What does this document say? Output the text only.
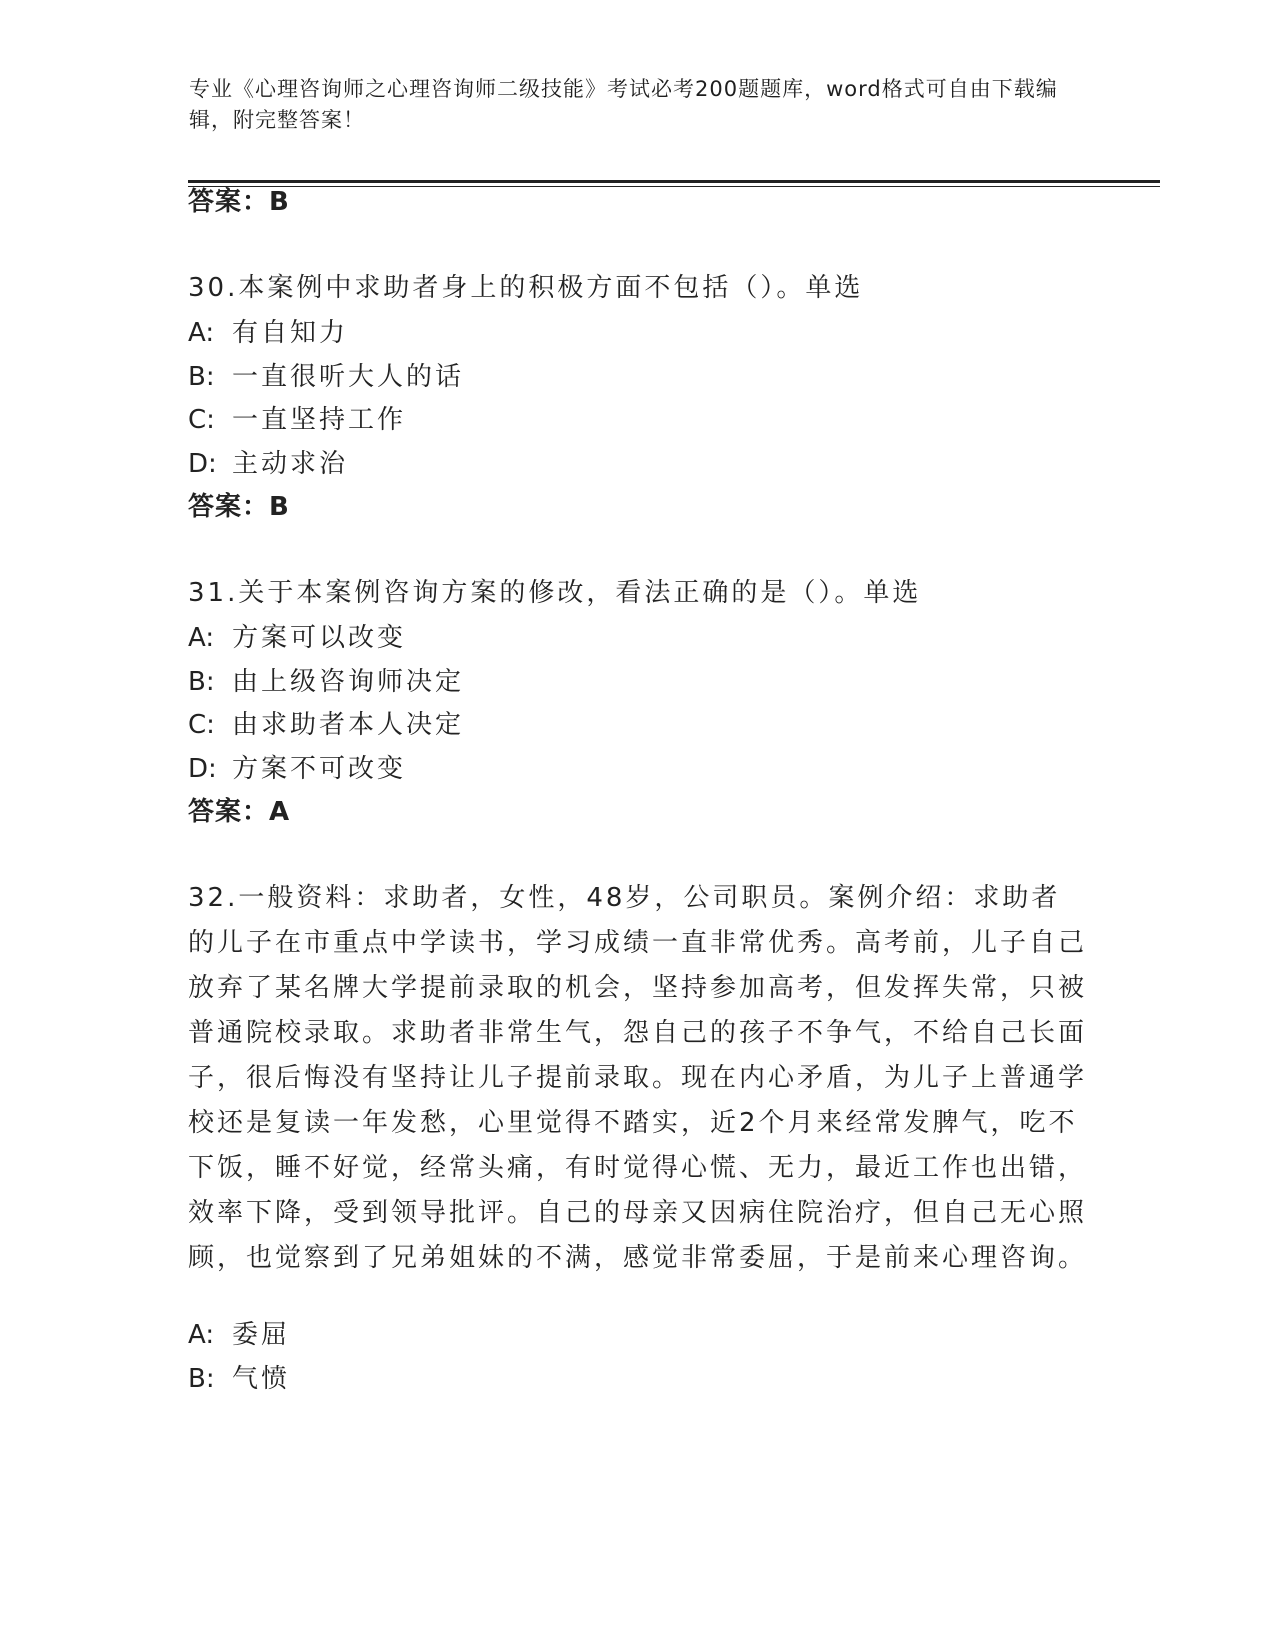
专业《心理咨询师之心理咨询师二级技能》考试必考200题题库，word格式可自由下载编辑，附完整答案！
答案：B
30.本案例中求助者身上的积极方面不包括（）。单选
A: 有自知力
B: 一直很听大人的话
C: 一直坚持工作
D: 主动求治
答案：B
31.关于本案例咨询方案的修改，看法正确的是（）。单选
A: 方案可以改变
B: 由上级咨询师决定
C: 由求助者本人决定
D: 方案不可改变
答案：A
32.一般资料：求助者，女性，48岁，公司职员。案例介绍：求助者的儿子在市重点中学读书，学习成绩一直非常优秀。高考前，儿子自己放弃了某名牌大学提前录取的机会，坚持参加高考，但发挥失常，只被普通院校录取。求助者非常生气，怨自己的孩子不争气，不给自己长面子，很后悔没有坚持让儿子提前录取。现在内心矛盾，为儿子上普通学校还是复读一年发愁，心里觉得不踏实，近2个月来经常发脾气，吃不下饭，睡不好觉，经常头痛，有时觉得心慌、无力，最近工作也出错，效率下降，受到领导批评。自己的母亲又因病住院治疗，但自己无心照顾，也觉察到了兄弟姐妹的不满，感觉非常委屈，于是前来心理咨询。
A: 委屈
B: 气愤
